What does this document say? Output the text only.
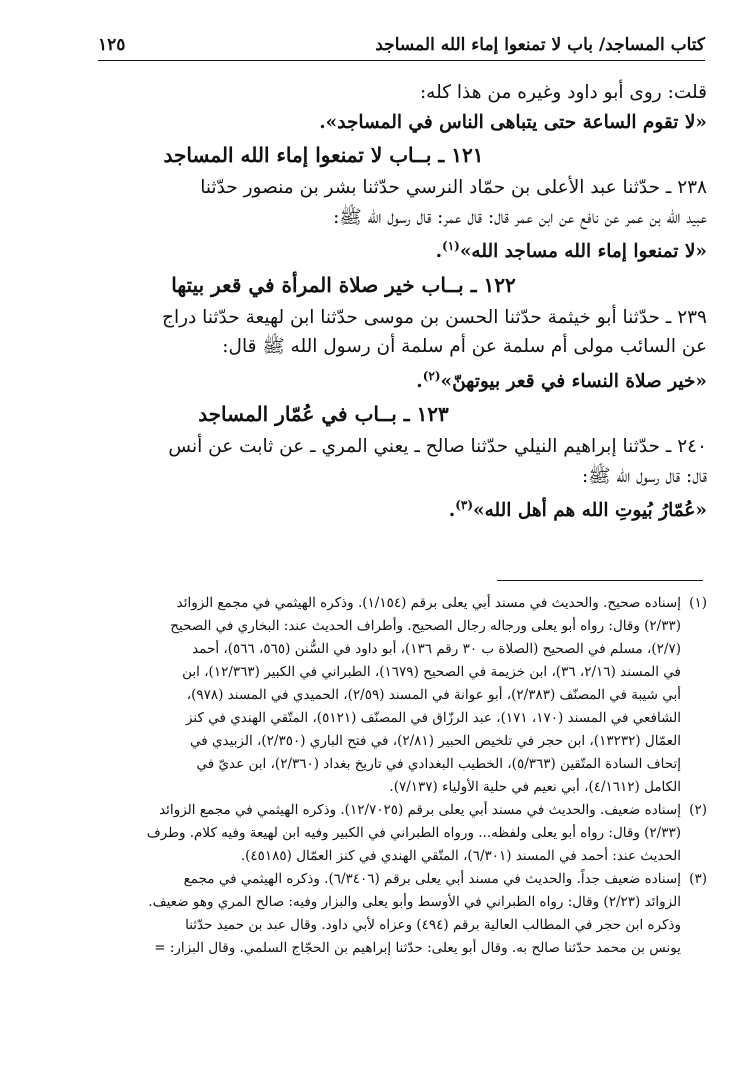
كتاب المساجد/ باب لا تمنعوا إماء الله المساجد
١٢٥
قلت: روى أبو داود وغيره من هذا كله:
«لا تقوم الساعة حتى يتباهى الناس في المساجد».
١٢١ ـ بــاب لا تمنعوا إماء الله المساجد
٢٣٨ ـ حدّثنا عبد الأعلى بن حمّاد النرسي حدّثنا بشر بن منصور حدّثنا
عبيد الله بن عمر عن نافع عن ابن عمر قال: قال عمر: قال رسول الله ﷺ:
«لا تمنعوا إماء الله مساجد الله»$^{(١)}$.
١٢٢ ـ بــاب خير صلاة المرأة في قعر بيتها
٢٣٩ ـ حدّثنا أبو خيثمة حدّثنا الحسن بن موسى حدّثنا ابن لهيعة حدّثنا دراج
عن السائب مولى أم سلمة عن أم سلمة أن رسول الله ﷺ قال:
«خير صلاة النساء في قعر بيوتهنّ»$^{(٢)}$.
١٢٣ ـ بــاب في عُمّار المساجد
٢٤٠ ـ حدّثنا إبراهيم النيلي حدّثنا صالح ـ يعني المري ـ عن ثابت عن أنس
قال: قال رسول الله ﷺ:
«عُمّارُ بُيوتِ الله هم أهل الله»$^{(٣)}$.
(١)إسناده صحيح. والحديث في مسند أبي يعلى برقم (١/١٥٤). وذكره الهيثمي في مجمع الزوائد
(٢/٣٣) وقال: رواه أبو يعلى ورجاله رجال الصحيح. وأطراف الحديث عند: البخاري في الصحيح
(٢/٧)، مسلم في الصحيح (الصلاة ب ٣٠ رقم ١٣٦)، أبو داود في السُّنن (٥٦٥، ٥٦٦)، أحمد
في المسند (٢/١٦، ٣٦)، ابن خزيمة في الصحيح (١٦٧٩)، الطبراني في الكبير (١٢/٣٦٣)، ابن
أبي شيبة في المصنّف (٢/٣٨٣)، أبو عوانة في المسند (٢/٥٩)، الحميدي في المسند (٩٧٨)،
الشافعي في المسند (١٧٠، ١٧١)، عبد الرزّاق في المصنّف (٥١٢١)، المتّقي الهندي في كنز
العمّال (١٣٢٣٢)، ابن حجر في تلخيص الحبير (٢/٨١)، في فتح الباري (٢/٣٥٠)، الزبيدي في
إتحاف السادة المتّقين (٥/٣٦٣)، الخطيب البغدادي في تاريخ بغداد (٢/٣٦٠)، ابن عديّ في
الكامل (٤/١٦١٢)، أبي نعيم في حلية الأولياء (٧/١٣٧).
(٢)إسناده ضعيف. والحديث في مسند أبي يعلى برقم (١٢/٧٠٢٥). وذكره الهيثمي في مجمع الزوائد
(٢/٣٣) وقال: رواه أبو يعلى ولفظه... ورواه الطبراني في الكبير وفيه ابن لهيعة وفيه كلام. وطرف
الحديث عند: أحمد في المسند (٦/٣٠١)، المتّقي الهندي في كنز العمّال (٤٥١٨٥).
(٣)إسناده ضعيف جداً. والحديث في مسند أبي يعلى برقم (٦/٣٤٠٦). وذكره الهيثمي في مجمع
الزوائد (٢/٢٣) وقال: رواه الطبراني في الأوسط وأبو يعلى والبزار وفيه: صالح المري وهو ضعيف.
وذكره ابن حجر في المطالب العالية برقم (٤٩٤) وعزاه لأبي داود. وقال عبد بن حميد حدّثنا
يونس بن محمد حدّثنا صالح به. وقال أبو يعلى: حدّثنا إبراهيم بن الحجّاج السلمي. وقال البزار: =
